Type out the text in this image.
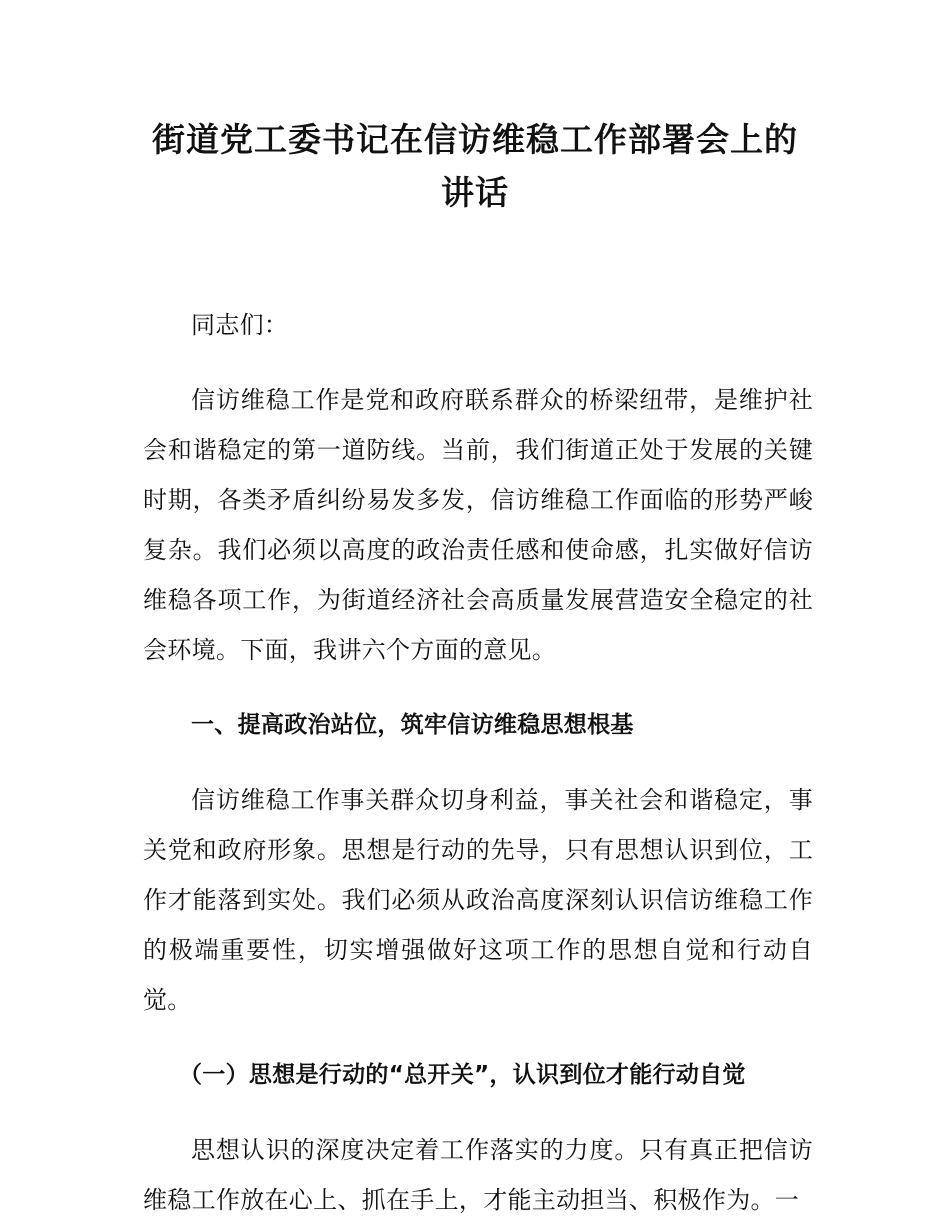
街道党工委书记在信访维稳工作部署会上的
讲话

同志们：

信访维稳工作是党和政府联系群众的桥梁纽带，是维护社会和谐稳定的第一道防线。当前，我们街道正处于发展的关键时期，各类矛盾纠纷易发多发，信访维稳工作面临的形势严峻复杂。我们必须以高度的政治责任感和使命感，扎实做好信访维稳各项工作，为街道经济社会高质量发展营造安全稳定的社会环境。下面，我讲六个方面的意见。

一、提高政治站位，筑牢信访维稳思想根基

信访维稳工作事关群众切身利益，事关社会和谐稳定，事关党和政府形象。思想是行动的先导，只有思想认识到位，工作才能落到实处。我们必须从政治高度深刻认识信访维稳工作的极端重要性，切实增强做好这项工作的思想自觉和行动自觉。

（一）思想是行动的“总开关”，认识到位才能行动自觉

思想认识的深度决定着工作落实的力度。只有真正把信访维稳工作放在心上、抓在手上，才能主动担当、积极作为。一
